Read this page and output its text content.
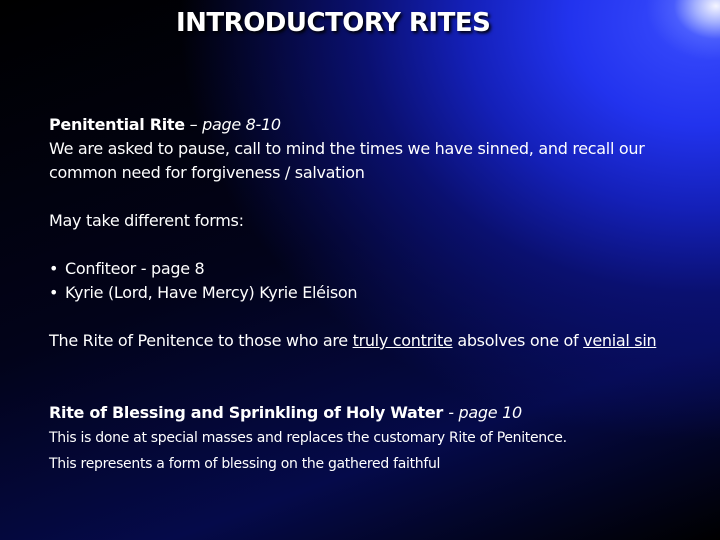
INTRODUCTORY RITES

Penitential Rite – page 8-10

We are asked to pause, call to mind the times we have sinned, and recall our common need for forgiveness / salvation

May take different forms:

• Confiteor - page 8
• Kyrie (Lord, Have Mercy) Kyrie Eléison

The Rite of Penitence to those who are truly contrite absolves one of venial sin

Rite of Blessing and Sprinkling of Holy Water - page 10

This is done at special masses and replaces the customary Rite of Penitence.

This represents a form of blessing on the gathered faithful
